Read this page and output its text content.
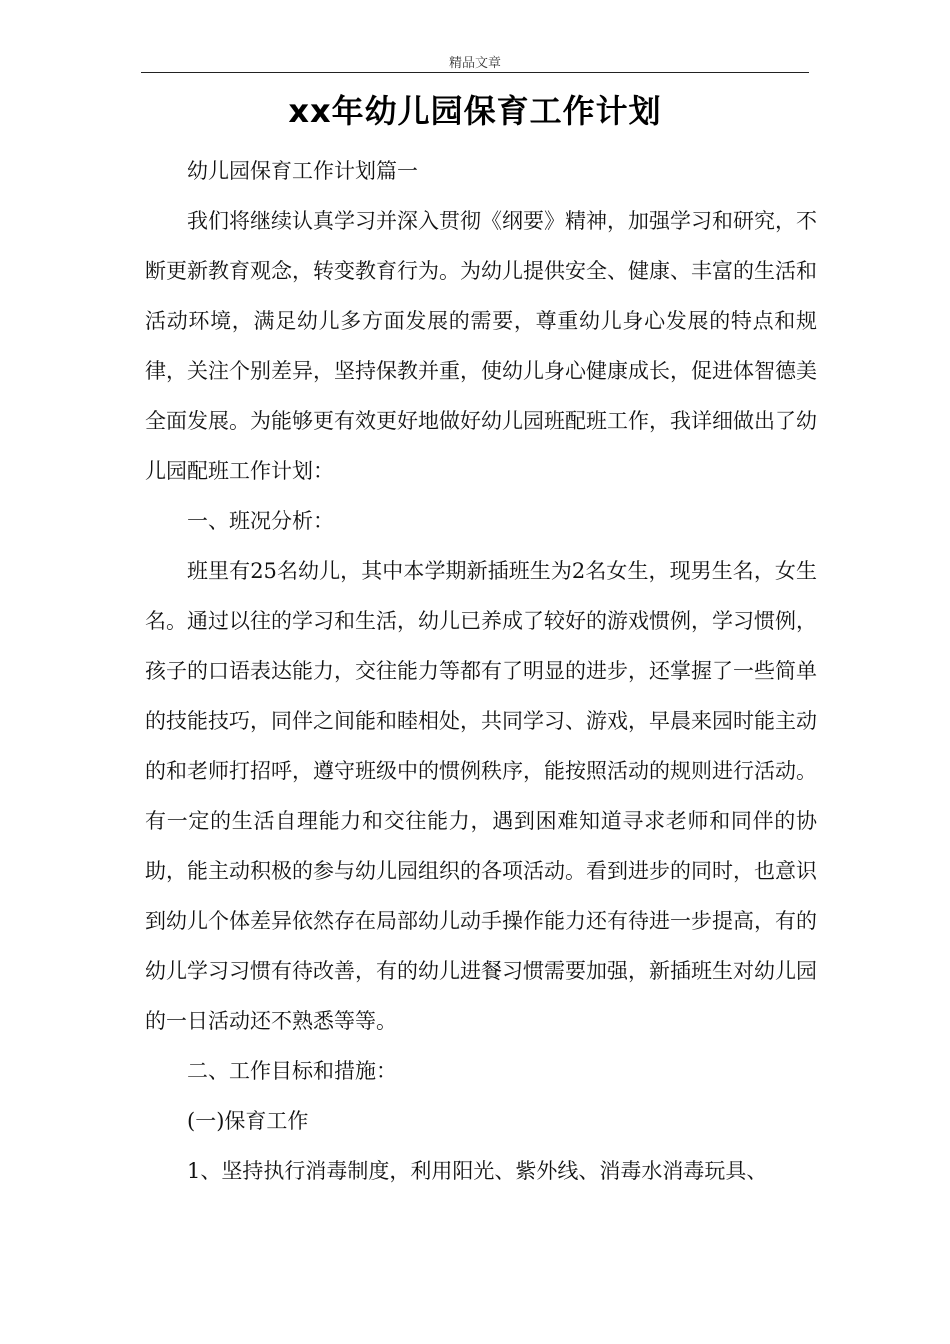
精品文章
xx年幼儿园保育工作计划

幼儿园保育工作计划篇一

我们将继续认真学习并深入贯彻《纲要》精神，加强学习和研究，不断更新教育观念，转变教育行为。为幼儿提供安全、健康、丰富的生活和活动环境，满足幼儿多方面发展的需要，尊重幼儿身心发展的特点和规律，关注个别差异，坚持保教并重，使幼儿身心健康成长，促进体智德美全面发展。为能够更有效更好地做好幼儿园班配班工作，我详细做出了幼儿园配班工作计划：

一、班况分析：

班里有25名幼儿，其中本学期新插班生为2名女生，现男生名，女生名。通过以往的学习和生活，幼儿已养成了较好的游戏惯例，学习惯例，孩子的口语表达能力，交往能力等都有了明显的进步，还掌握了一些简单的技能技巧，同伴之间能和睦相处，共同学习、游戏，早晨来园时能主动的和老师打招呼，遵守班级中的惯例秩序，能按照活动的规则进行活动。有一定的生活自理能力和交往能力，遇到困难知道寻求老师和同伴的协助，能主动积极的参与幼儿园组织的各项活动。看到进步的同时，也意识到幼儿个体差异依然存在局部幼儿动手操作能力还有待进一步提高，有的幼儿学习习惯有待改善，有的幼儿进餐习惯需要加强，新插班生对幼儿园的一日活动还不熟悉等等。

二、工作目标和措施：

(一)保育工作

1、坚持执行消毒制度，利用阳光、紫外线、消毒水消毒玩具、
